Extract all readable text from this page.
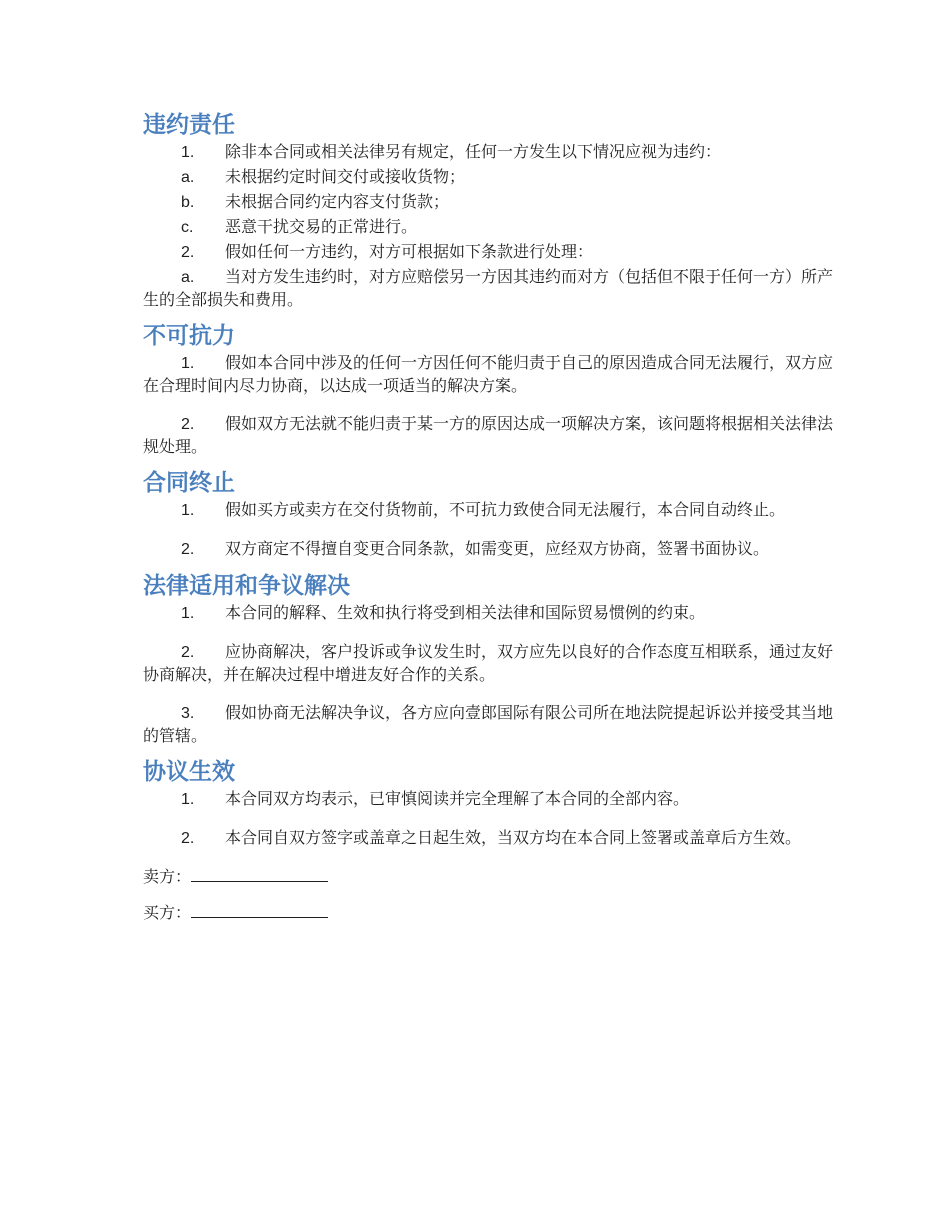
违约责任

1. 除非本合同或相关法律另有规定，任何一方发生以下情况应视为违约：

a. 未根据约定时间交付或接收货物；

b. 未根据合同约定内容支付货款；

c. 恶意干扰交易的正常进行。

2. 假如任何一方违约，对方可根据如下条款进行处理：

a. 当对方发生违约时，对方应赔偿另一方因其违约而对方（包括但不限于任何一方）所产生的全部损失和费用。

不可抗力

1. 假如本合同中涉及的任何一方因任何不能归责于自己的原因造成合同无法履行，双方应在合理时间内尽力协商，以达成一项适当的解决方案。

2. 假如双方无法就不能归责于某一方的原因达成一项解决方案，该问题将根据相关法律法规处理。

合同终止

1. 假如买方或卖方在交付货物前，不可抗力致使合同无法履行，本合同自动终止。

2. 双方商定不得擅自变更合同条款，如需变更，应经双方协商，签署书面协议。

法律适用和争议解决

1. 本合同的解释、生效和执行将受到相关法律和国际贸易惯例的约束。

2. 应协商解决，客户投诉或争议发生时，双方应先以良好的合作态度互相联系，通过友好协商解决，并在解决过程中增进友好合作的关系。

3. 假如协商无法解决争议，各方应向壹郎国际有限公司所在地法院提起诉讼并接受其当地的管辖。

协议生效

1. 本合同双方均表示，已审慎阅读并完全理解了本合同的全部内容。

2. 本合同自双方签字或盖章之日起生效，当双方均在本合同上签署或盖章后方生效。

卖方：
买方：
